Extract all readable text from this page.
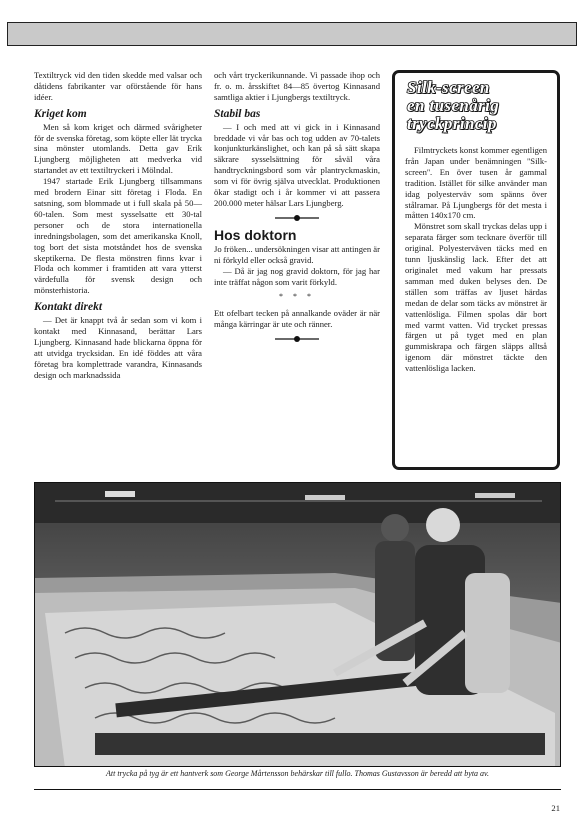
Textiltryck vid den tiden skedde med valsar och dåtidens fabrikanter var oförstående för hans idéer.

Kriget kom

Men så kom kriget och därmed svårigheter för de svenska företag, som köpte eller lät trycka sina mönster utomlands. Detta gav Erik Ljungberg möjligheten att medverka vid startandet av ett textiltryckeri i Mölndal.

1947 startade Erik Ljungberg tillsammans med brodern Einar sitt företag i Floda. En satsning, som blommade ut i full skala på 50—60-talen. Som mest sysselsatte ett 30-tal personer och de stora internationella inredningsbolagen, som det amerikanska Knoll, tog bort det sista motståndet hos de svenska skeptikerna. De flesta mönstren finns kvar i Floda och kommer i framtiden att vara ytterst värdefulla för svensk design och mönsterhistoria.

Kontakt direkt

— Det är knappt två år sedan som vi kom i kontakt med Kinnasand, berättar Lars Ljungberg. Kinnasand hade blickarna öppna för att utvidga trycksidan. En idé föddes att våra företag bra komplettrade varandra, Kinnasands design och marknadssida

och vårt tryckerikunnande. Vi passade ihop och fr. o. m. årsskiftet 84—85 övertog Kinnasand samtliga aktier i Ljungbergs textiltryck.

Stabil bas

— I och med att vi gick in i Kinnasand breddade vi vår bas och tog udden av 70-talets konjunkturkänslighet, och kan på så sätt skapa säkrare sysselsättning för såväl våra handtryckningsbord som vår plantryckmaskin, som vi för övrig själva utvecklat. Produktionen ökar stadigt och i år kommer vi att passera 200.000 meter hälsar Lars Ljungberg.

Hos doktorn

Jo fröken... undersökningen visar att antingen är ni förkyld eller också gravid.

— Då är jag nog gravid doktorn, för jag har inte träffat någon som varit förkyld.

* * *

Ett ofelbart tecken på annalkande oväder är när många kärringar är ute och ränner.

Silk-screen
en tusenårig
tryckprincip

Filmtryckets konst kommer egentligen från Japan under benämningen ''Silk-screen''. En över tusen år gammal tradition. Istället för silke använder man idag polyesterväv som spänns över stålramar. På Ljungbergs för det mesta i måtten 140x170 cm.

Mönstret som skall tryckas delas upp i separata färger som tecknare överför till original. Polyesterväven täcks med en tunn ljuskänslig lack. Efter det att originalet med vakum har pressats samman med duken belyses den. De ställen som träffas av ljuset härdas medan de delar som täcks av mönstret är vattenlösliga. Filmen spolas där bort med varmt vatten. Vid trycket pressas färgen ut på tyget med en plan gummiskrapa och färgen släpps alltså igenom där mönstret täckte den vattenlösliga lacken.

Att trycka på tyg är ett hantverk som George Mårtensson behärskar till fullo. Thomas Gustavsson är beredd att byta av.
21
